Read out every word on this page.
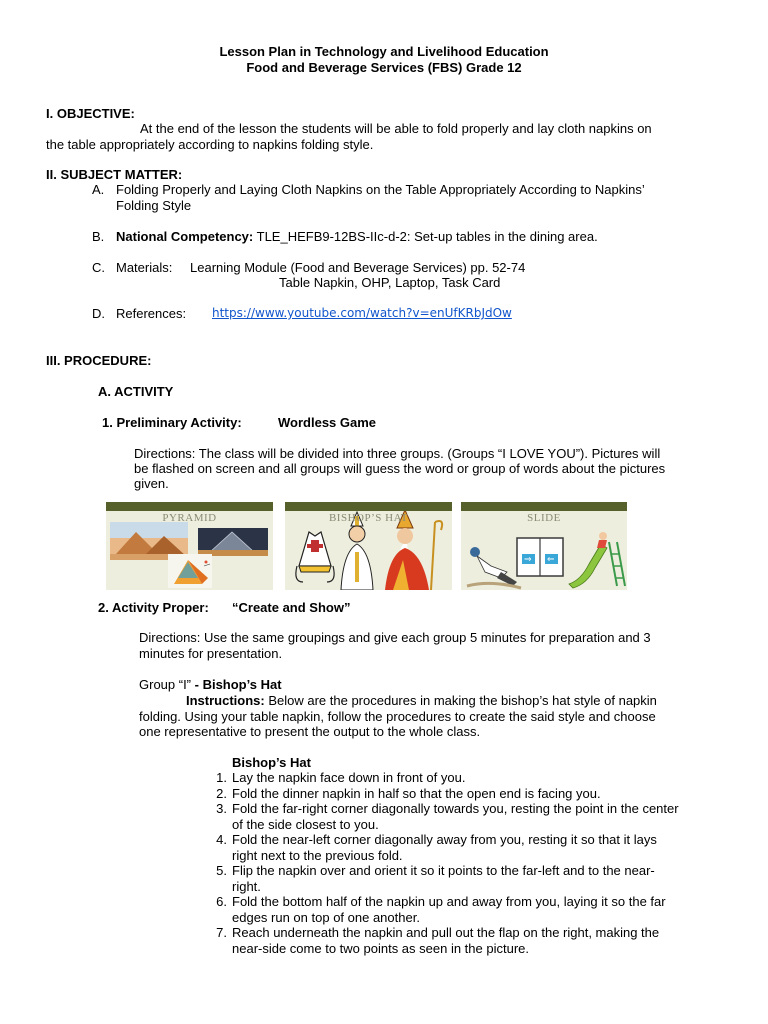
Lesson Plan in Technology and Livelihood Education
Food and Beverage Services (FBS) Grade 12
I. OBJECTIVE:
At the end of the lesson the students will be able to fold properly and lay cloth napkins on
the table appropriately according to napkins folding style.
II. SUBJECT MATTER:
A. Folding Properly and Laying Cloth Napkins on the Table Appropriately According to Napkins’
Folding Style
B. National Competency: TLE_HEFB9-12BS-IIc-d-2: Set-up tables in the dining area.
C. Materials: Learning Module (Food and Beverage Services) pp. 52-74
Table Napkin, OHP, Laptop, Task Card
D. References: https://www.youtube.com/watch?v=enUfKRbJdOw
III. PROCEDURE:
A. ACTIVITY
1. Preliminary Activity:	Wordless Game
Directions: The class will be divided into three groups. (Groups “I LOVE YOU”). Pictures will
be flashed on screen and all groups will guess the word or group of words about the pictures
given.
PYRAMID	BISHOP’S HAT
⇒ ⇐
SLIDE
2. Activity Proper: “Create and Show”
Directions: Use the same groupings and give each group 5 minutes for preparation and 3
minutes for presentation.
Group “I” - Bishop’s Hat
Instructions: Below are the procedures in making the bishop’s hat style of napkin
folding. Using your table napkin, follow the procedures to create the said style and choose
one representative to present the output to the whole class.
Bishop’s Hat
1. Lay the napkin face down in front of you.
2. Fold the dinner napkin in half so that the open end is facing you.
3. Fold the far-right corner diagonally towards you, resting the point in the center
of the side closest to you.
4. Fold the near-left corner diagonally away from you, resting it so that it lays
right next to the previous fold.
5. Flip the napkin over and orient it so it points to the far-left and to the near-
right.
6. Fold the bottom half of the napkin up and away from you, laying it so the far
edges run on top of one another.
7. Reach underneath the napkin and pull out the flap on the right, making the
near-side come to two points as seen in the picture.
